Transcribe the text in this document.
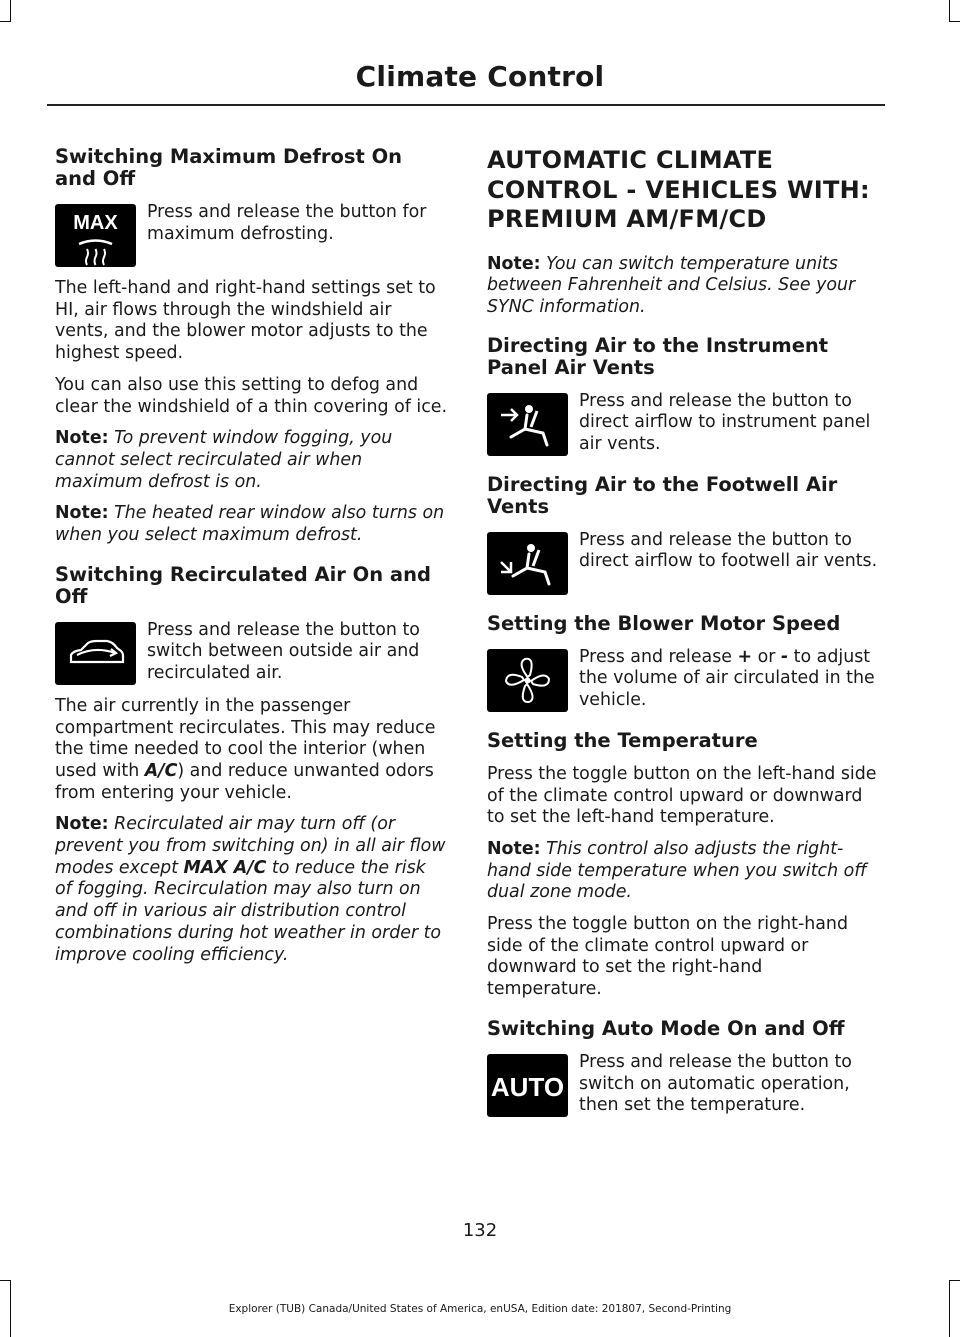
Climate Control
Switching Maximum Defrost On and Off
MAX Press and release the button for maximum defrosting.

The left-hand and right-hand settings set to HI, air flows through the windshield air vents, and the blower motor adjusts to the highest speed.

You can also use this setting to defog and clear the windshield of a thin covering of ice.

Note: To prevent window fogging, you cannot select recirculated air when maximum defrost is on.

Note: The heated rear window also turns on when you select maximum defrost.

Switching Recirculated Air On and Off

Press and release the button to switch between outside air and recirculated air.

The air currently in the passenger compartment recirculates. This may reduce the time needed to cool the interior (when used with A/C) and reduce unwanted odors from entering your vehicle.

Note: Recirculated air may turn off (or prevent you from switching on) in all air flow modes except MAX A/C to reduce the risk of fogging. Recirculation may also turn on and off in various air distribution control combinations during hot weather in order to improve cooling efficiency.

AUTOMATIC CLIMATE CONTROL - VEHICLES WITH: PREMIUM AM/FM/CD

Note: You can switch temperature units between Fahrenheit and Celsius. See your SYNC information.

Directing Air to the Instrument Panel Air Vents

Press and release the button to direct airflow to instrument panel air vents.

Directing Air to the Footwell Air Vents

Press and release the button to direct airflow to footwell air vents.

Setting the Blower Motor Speed

Press and release + or - to adjust the volume of air circulated in the vehicle.

Setting the Temperature

Press the toggle button on the left-hand side of the climate control upward or downward to set the left-hand temperature.

Note: This control also adjusts the right-hand side temperature when you switch off dual zone mode.

Press the toggle button on the right-hand side of the climate control upward or downward to set the right-hand temperature.

Switching Auto Mode On and Off
AUTO

Press and release the button to switch on automatic operation, then set the temperature.

132
Explorer (TUB) Canada/United States of America, enUSA, Edition date: 201807, Second-Printing
